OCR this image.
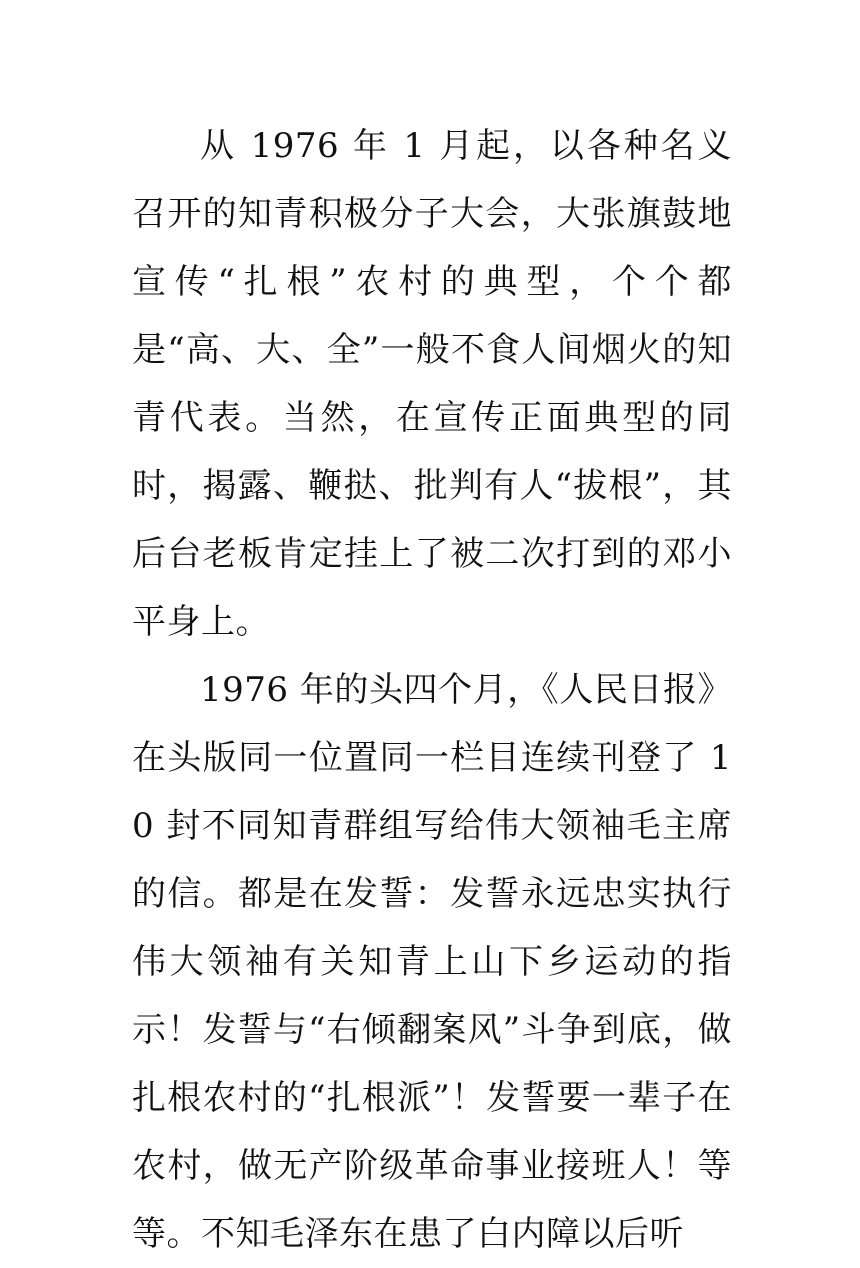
从 1976 年 1 月起，以各种名义召开的知青积极分子大会，大张旗鼓地宣传“扎根”农村的典型，个个都是“高、大、全”一般不食人间烟火的知青代表。当然，在宣传正面典型的同时，揭露、鞭挞、批判有人“拔根”，其后台老板肯定挂上了被二次打到的邓小平身上。

1976 年的头四个月，《人民日报》在头版同一位置同一栏目连续刊登了 10 封不同知青群组写给伟大领袖毛主席的信。都是在发誓：发誓永远忠实执行伟大领袖有关知青上山下乡运动的指示！发誓与“右倾翻案风”斗争到底，做扎根农村的“扎根派”！发誓要一辈子在农村，做无产阶级革命事业接班人！等等。不知毛泽东在患了白内障以后听
